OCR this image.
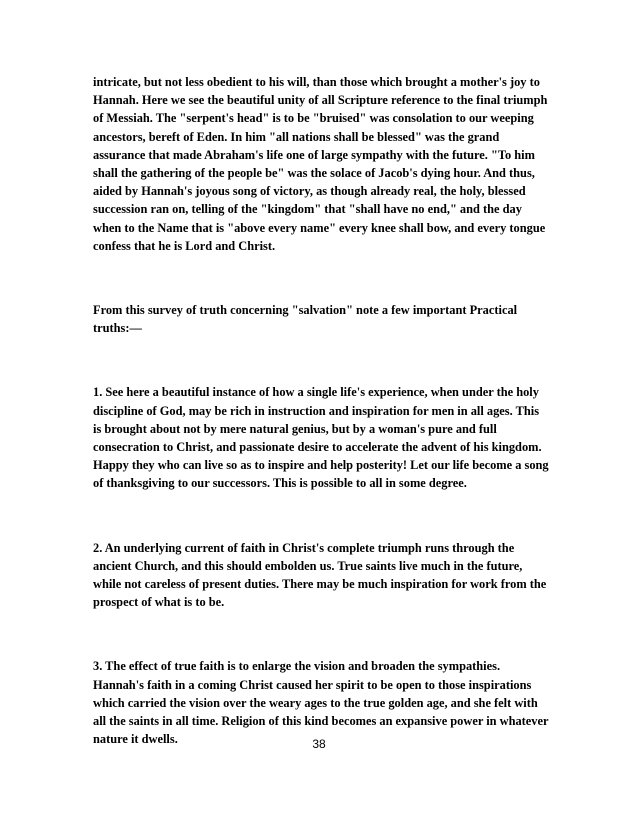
intricate, but not less obedient to his will, than those which brought a mother's joy to Hannah. Here we see the beautiful unity of all Scripture reference to the final triumph of Messiah. The "serpent's head" is to be "bruised" was consolation to our weeping ancestors, bereft of Eden. In him "all nations shall be blessed" was the grand assurance that made Abraham's life one of large sympathy with the future. "To him shall the gathering of the people be" was the solace of Jacob's dying hour. And thus, aided by Hannah's joyous song of victory, as though already real, the holy, blessed succession ran on, telling of the "kingdom" that "shall have no end," and the day when to the Name that is "above every name" every knee shall bow, and every tongue confess that he is Lord and Christ.

From this survey of truth concerning "salvation" note a few important Practical truths:—

1. See here a beautiful instance of how a single life's experience, when under the holy discipline of God, may be rich in instruction and inspiration for men in all ages. This is brought about not by mere natural genius, but by a woman's pure and full consecration to Christ, and passionate desire to accelerate the advent of his kingdom. Happy they who can live so as to inspire and help posterity! Let our life become a song of thanksgiving to our successors. This is possible to all in some degree.

2. An underlying current of faith in Christ's complete triumph runs through the ancient Church, and this should embolden us. True saints live much in the future, while not careless of present duties. There may be much inspiration for work from the prospect of what is to be.

3. The effect of true faith is to enlarge the vision and broaden the sympathies. Hannah's faith in a coming Christ caused her spirit to be open to those inspirations which carried the vision over the weary ages to the true golden age, and she felt with all the saints in all time. Religion of this kind becomes an expansive power in whatever nature it dwells.	38
